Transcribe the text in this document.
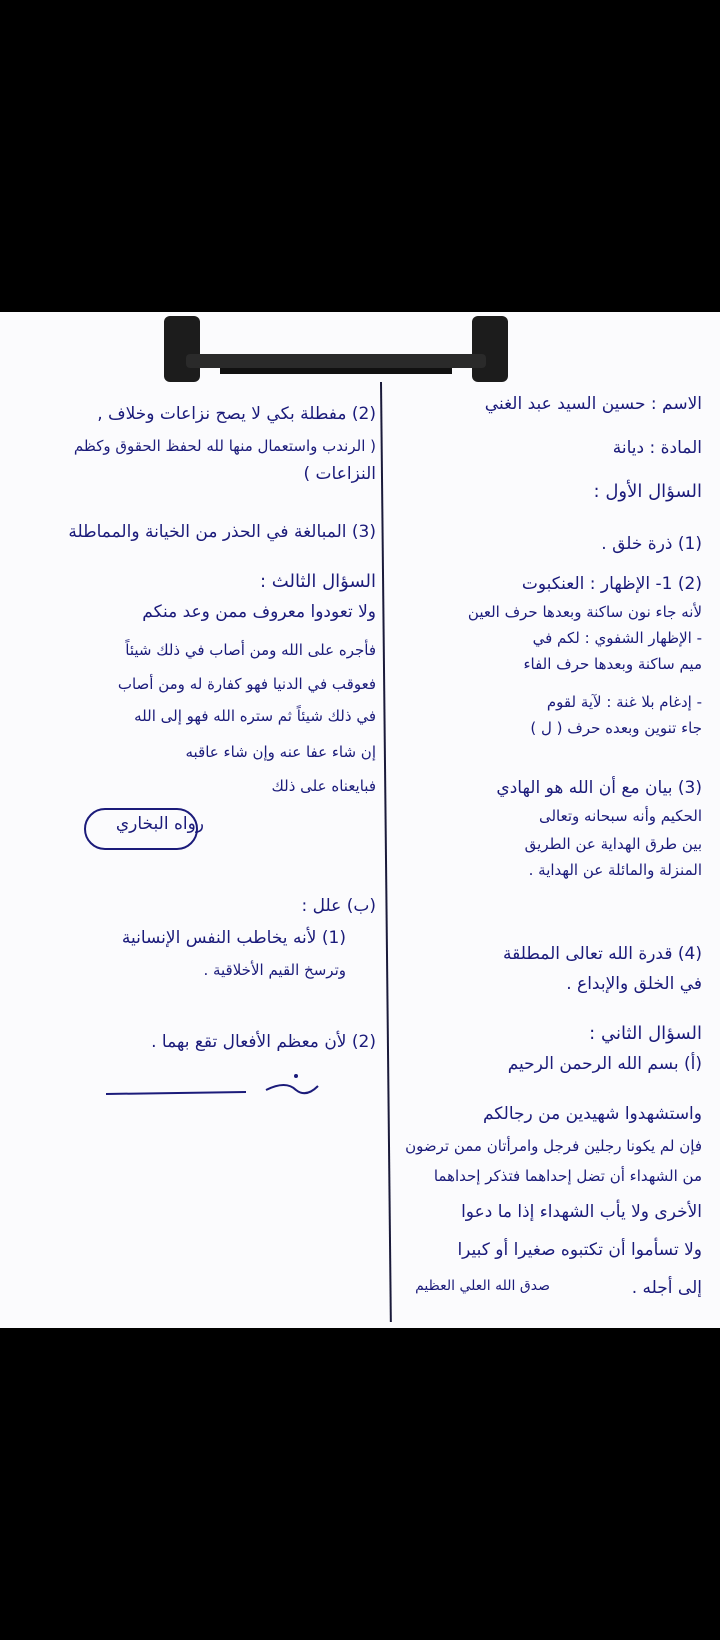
الاسم : حسين السيد عبد الغني
المادة : ديانة
السؤال الأول :
(1) ذرة خلق .
(2) 1- الإظهار : العنكبوت
لأنه جاء نون ساكنة وبعدها حرف العين
- الإظهار الشفوي : لكم في
ميم ساكنة وبعدها حرف الفاء
- إدغام بلا غنة : لآية لقوم
جاء تنوين وبعده حرف ( ل )
(3) بيان مع أن الله هو الهادي
الحكيم وأنه سبحانه وتعالى
بين طرق الهداية عن الطريق
المنزلة والمائلة عن الهداية .
(4) قدرة الله تعالى المطلقة
في الخلق والإبداع .
السؤال الثاني :
(أ) بسم الله الرحمن الرحيم
واستشهدوا شهيدين من رجالكم
فإن لم يكونا رجلين فرجل وامرأتان ممن ترضون
من الشهداء أن تضل إحداهما فتذكر إحداهما
الأخرى ولا يأب الشهداء إذا ما دعوا
ولا تسأموا أن تكتبوه صغيرا أو كبيرا
إلى أجله .
صدق الله العلي العظيم
(2) مفطلة بكي لا يصح نزاعات وخلاف ,
( الرندب واستعمال منها لله لحفظ الحقوق وكظم
النزاعات )
(3) المبالغة في الحذر من الخيانة والمماطلة
السؤال الثالث :
ولا تعودوا معروف ممن وعد منكم
فأجره على الله ومن أصاب في ذلك شيئاً
فعوقب في الدنيا فهو كفارة له ومن أصاب
في ذلك شيئاً ثم ستره الله فهو إلى الله
إن شاء عفا عنه وإن شاء عاقبه
فبايعناه على ذلك
رواه البخاري
(ب) علل :
(1) لأنه يخاطب النفس الإنسانية
وترسخ القيم الأخلاقية .
(2) لأن معظم الأفعال تقع بهما .
